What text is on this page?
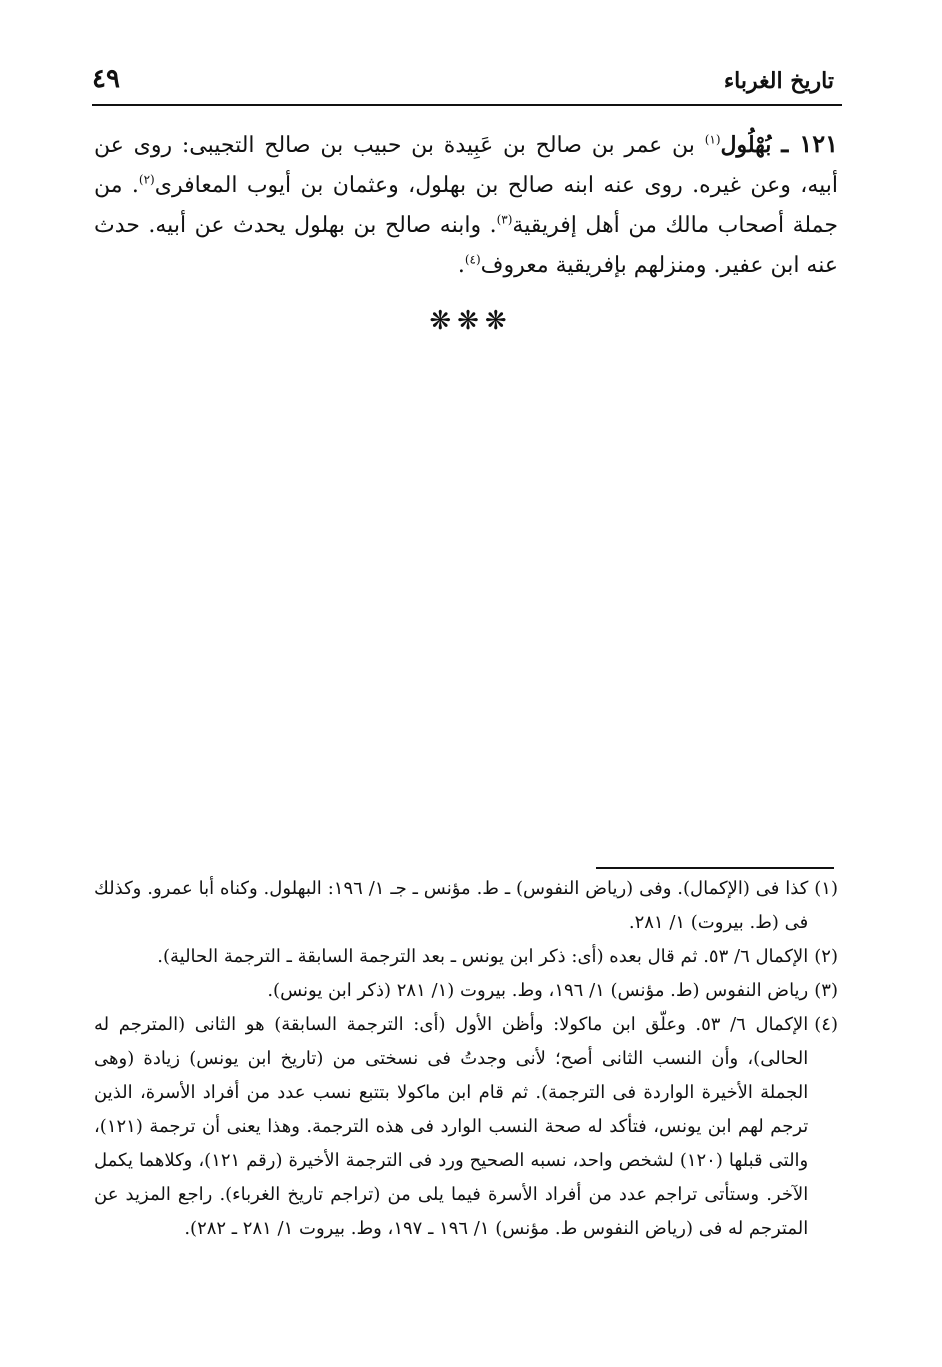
تاريخ الغرباء
٤٩
١٢١ ـ بُهْلُول$^{(١)}$ بن عمر بن صالح بن عَبِيدة بن حبيب بن صالح التجيبى: روى عن أبيه، وعن غيره. روى عنه ابنه صالح بن بهلول، وعثمان بن أيوب المعافرى$^{(٢)}$. من جملة أصحاب مالك من أهل إفريقية$^{(٣)}$. وابنه صالح بن بهلول يحدث عن أبيه. حدث عنه ابن عفير. ومنزلهم بإفريقية معروف$^{(٤)}$.
❋❋❋
(١)
كذا فى (الإكمال). وفى (رياض النفوس) ـ ط. مؤنس ـ جـ ١/ ١٩٦: البهلول. وكناه أبا عمرو. وكذلك فى (ط. بيروت) ١/ ٢٨١.
(٢)
الإكمال ٦/ ٥٣. ثم قال بعده (أى: ذكر ابن يونس ـ بعد الترجمة السابقة ـ الترجمة الحالية).
(٣)
رياض النفوس (ط. مؤنس) ١/ ١٩٦، وط. بيروت (١/ ٢٨١ (ذكر ابن يونس).
(٤)
الإكمال ٦/ ٥٣. وعلّق ابن ماكولا: وأظن الأول (أى: الترجمة السابقة) هو الثانى (المترجم له الحالى)، وأن النسب الثانى أصح؛ لأنى وجدتُ فى نسختى من (تاريخ ابن يونس) زيادة (وهى الجملة الأخيرة الواردة فى الترجمة). ثم قام ابن ماكولا بتتبع نسب عدد من أفراد الأسرة، الذين ترجم لهم ابن يونس، فتأكد له صحة النسب الوارد فى هذه الترجمة. وهذا يعنى أن ترجمة (١٢١)، والتى قبلها (١٢٠) لشخص واحد، نسبه الصحيح ورد فى الترجمة الأخيرة (رقم ١٢١)، وكلاهما يكمل الآخر. وستأتى تراجم عدد من أفراد الأسرة فيما يلى من (تراجم تاريخ الغرباء). راجع المزيد عن المترجم له فى (رياض النفوس ط. مؤنس) ١/ ١٩٦ ـ ١٩٧، وط. بيروت ١/ ٢٨١ ـ ٢٨٢).
